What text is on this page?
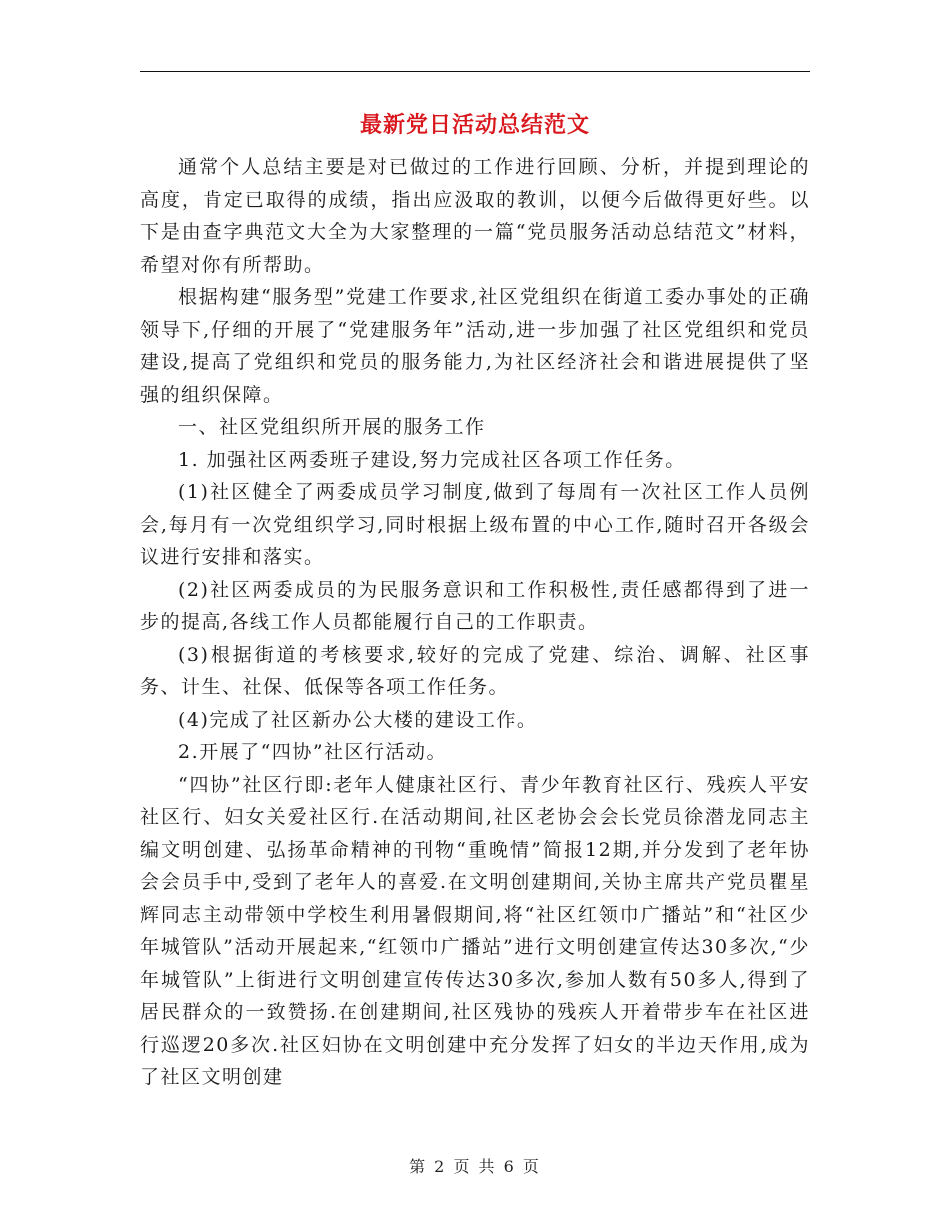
最新党日活动总结范文

通常个人总结主要是对已做过的工作进行回顾、分析，并提到理论的高度，肯定已取得的成绩，指出应汲取的教训，以便今后做得更好些。以下是由查字典范文大全为大家整理的一篇“党员服务活动总结范文”材料，希望对你有所帮助。

根据构建“服务型”党建工作要求,社区党组织在街道工委办事处的正确领导下,仔细的开展了“党建服务年”活动,进一步加强了社区党组织和党员建设,提高了党组织和党员的服务能力,为社区经济社会和谐进展提供了坚强的组织保障。

一、社区党组织所开展的服务工作

1. 加强社区两委班子建设,努力完成社区各项工作任务。

(1)社区健全了两委成员学习制度,做到了每周有一次社区工作人员例会,每月有一次党组织学习,同时根据上级布置的中心工作,随时召开各级会议进行安排和落实。

(2)社区两委成员的为民服务意识和工作积极性,责任感都得到了进一步的提高,各线工作人员都能履行自己的工作职责。

(3)根据街道的考核要求,较好的完成了党建、综治、调解、社区事务、计生、社保、低保等各项工作任务。

(4)完成了社区新办公大楼的建设工作。

2.开展了“四协”社区行活动。

“四协”社区行即:老年人健康社区行、青少年教育社区行、残疾人平安社区行、妇女关爱社区行.在活动期间,社区老协会会长党员徐潜龙同志主编文明创建、弘扬革命精神的刊物“重晚情”简报12期,并分发到了老年协会会员手中,受到了老年人的喜爱.在文明创建期间,关协主席共产党员瞿星辉同志主动带领中学校生利用暑假期间,将“社区红领巾广播站”和“社区少年城管队”活动开展起来,“红领巾广播站”进行文明创建宣传达30多次,“少年城管队”上街进行文明创建宣传传达30多次,参加人数有50多人,得到了居民群众的一致赞扬.在创建期间,社区残协的残疾人开着带步车在社区进行巡逻20多次.社区妇协在文明创建中充分发挥了妇女的半边天作用,成为了社区文明创建

第 2 页 共 6 页
